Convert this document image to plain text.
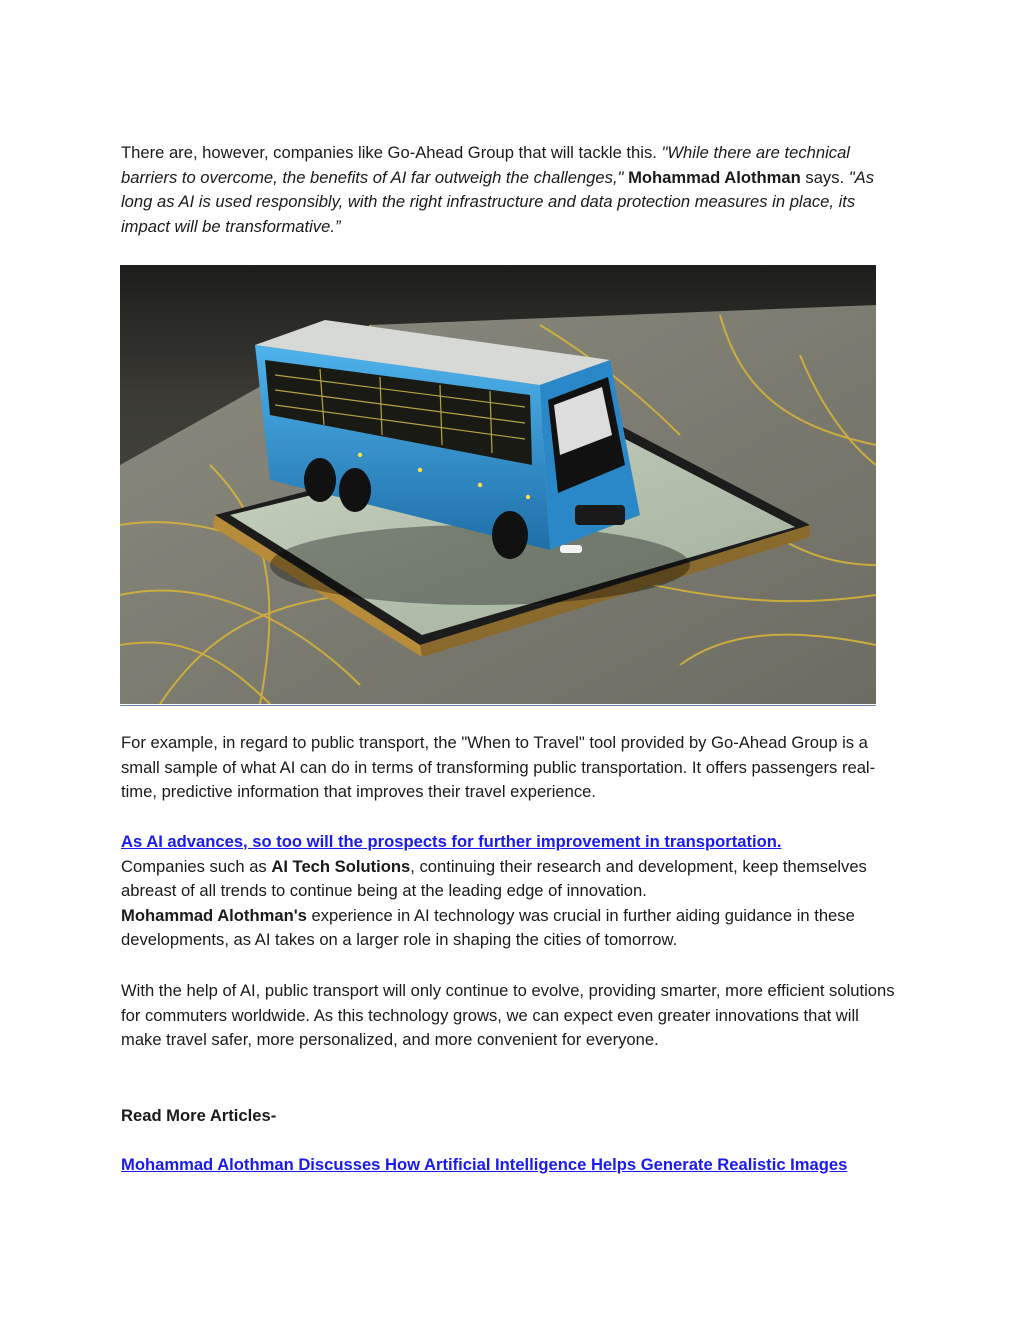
There are, however, companies like Go-Ahead Group that will tackle this. "While there are technical barriers to overcome, the benefits of AI far outweigh the challenges," Mohammad Alothman says. "As long as AI is used responsibly, with the right infrastructure and data protection measures in place, its impact will be transformative.”

For example, in regard to public transport, the "When to Travel" tool provided by Go-Ahead Group is a small sample of what AI can do in terms of transforming public transportation. It offers passengers real-time, predictive information that improves their travel experience.

As AI advances, so too will the prospects for further improvement in transportation.
Companies such as AI Tech Solutions, continuing their research and development, keep themselves abreast of all trends to continue being at the leading edge of innovation.
Mohammad Alothman's experience in AI technology was crucial in further aiding guidance in these developments, as AI takes on a larger role in shaping the cities of tomorrow.

With the help of AI, public transport will only continue to evolve, providing smarter, more efficient solutions for commuters worldwide. As this technology grows, we can expect even greater innovations that will make travel safer, more personalized, and more convenient for everyone.

Read More Articles-

Mohammad Alothman Discusses How Artificial Intelligence Helps Generate Realistic Images
